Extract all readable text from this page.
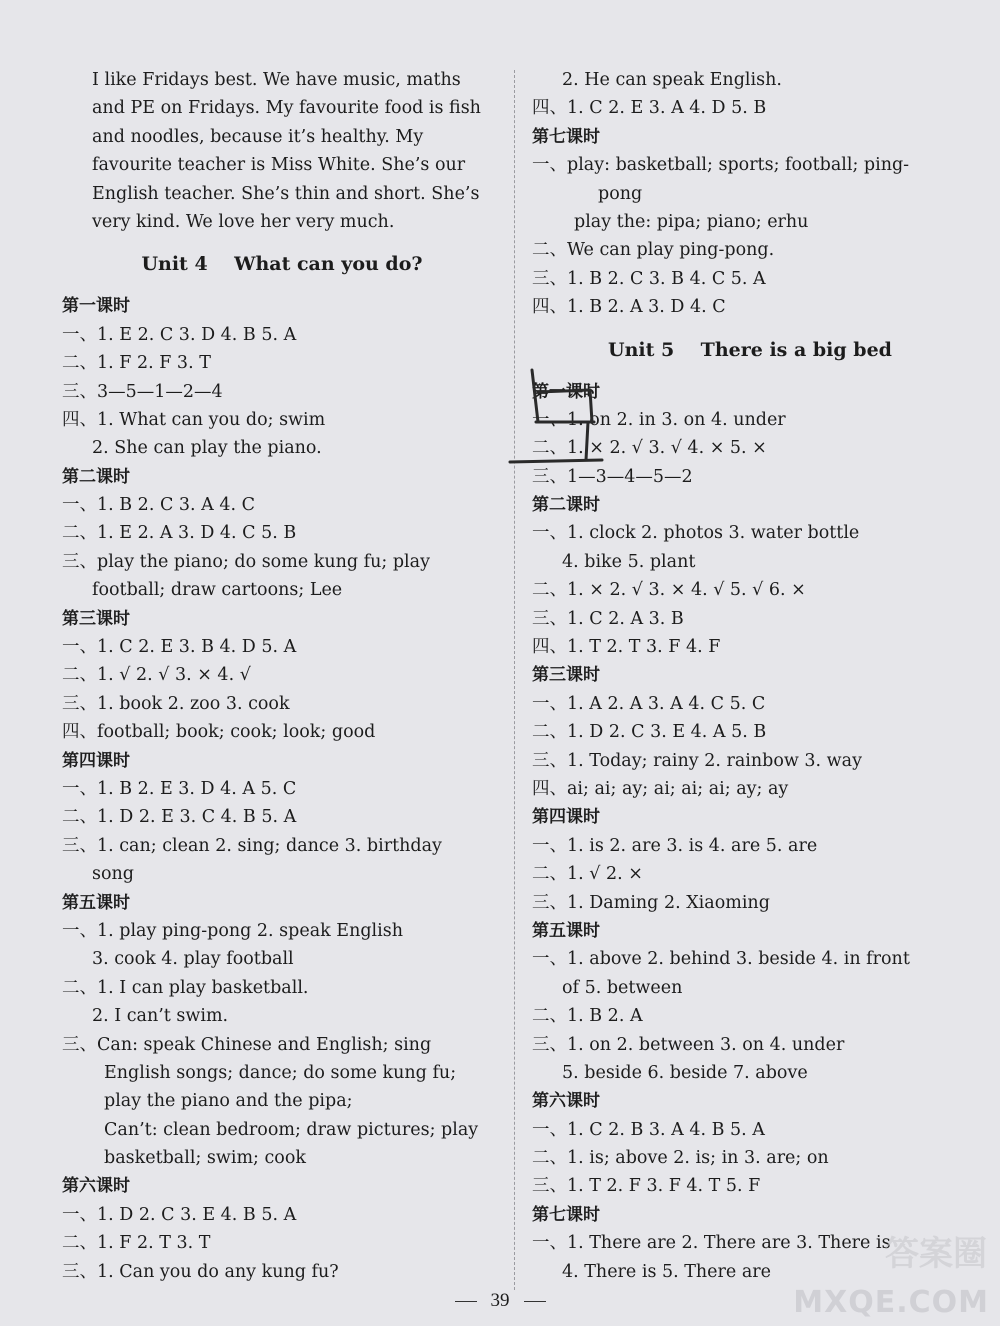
I like Fridays best. We have music, maths
and PE on Fridays. My favourite food is fish
and noodles, because it’s healthy. My
favourite teacher is Miss White. She’s our
English teacher. She’s thin and short. She’s
very kind. We love her very much.
Unit 4    What can you do?
第一课时
一、1. E 2. C 3. D 4. B 5. A
二、1. F 2. F 3. T
三、3—5—1—2—4
四、1. What can you do; swim
2. She can play the piano.
第二课时
一、1. B 2. C 3. A 4. C
二、1. E 2. A 3. D 4. C 5. B
三、play the piano; do some kung fu; play
football; draw cartoons; Lee
第三课时
一、1. C 2. E 3. B 4. D 5. A
二、1. √ 2. √ 3. × 4. √
三、1. book 2. zoo 3. cook
四、football; book; cook; look; good
第四课时
一、1. B 2. E 3. D 4. A 5. C
二、1. D 2. E 3. C 4. B 5. A
三、1. can; clean 2. sing; dance 3. birthday
song
第五课时
一、1. play ping-pong 2. speak English
3. cook 4. play football
二、1. I can play basketball.
2. I can’t swim.
三、Can: speak Chinese and English; sing
English songs; dance; do some kung fu;
play the piano and the pipa;
Can’t: clean bedroom; draw pictures; play
basketball; swim; cook
第六课时
一、1. D 2. C 3. E 4. B 5. A
二、1. F 2. T 3. T
三、1. Can you do any kung fu?
2. He can speak English.
四、1. C 2. E 3. A 4. D 5. B
第七课时
一、play: basketball; sports; football; ping-
pong
play the: pipa; piano; erhu
二、We can play ping-pong.
三、1. B 2. C 3. B 4. C 5. A
四、1. B 2. A 3. D 4. C
Unit 5    There is a big bed
第一课时
一、1. on 2. in 3. on 4. under
二、1. × 2. √ 3. √ 4. × 5. ×
三、1—3—4—5—2
第二课时
一、1. clock 2. photos 3. water bottle
4. bike 5. plant
二、1. × 2. √ 3. × 4. √ 5. √ 6. ×
三、1. C 2. A 3. B
四、1. T 2. T 3. F 4. F
第三课时
一、1. A 2. A 3. A 4. C 5. C
二、1. D 2. C 3. E 4. A 5. B
三、1. Today; rainy 2. rainbow 3. way
四、ai; ai; ay; ai; ai; ai; ay; ay
第四课时
一、1. is 2. are 3. is 4. are 5. are
二、1. √ 2. ×
三、1. Daming 2. Xiaoming
第五课时
一、1. above 2. behind 3. beside 4. in front
of 5. between
二、1. B 2. A
三、1. on 2. between 3. on 4. under
5. beside 6. beside 7. above
第六课时
一、1. C 2. B 3. A 4. B 5. A
二、1. is; above 2. is; in 3. are; on
三、1. T 2. F 3. F 4. T 5. F
第七课时
一、1. There are 2. There are 3. There is
4. There is 5. There are
39
答案圈
MXQE.COM
